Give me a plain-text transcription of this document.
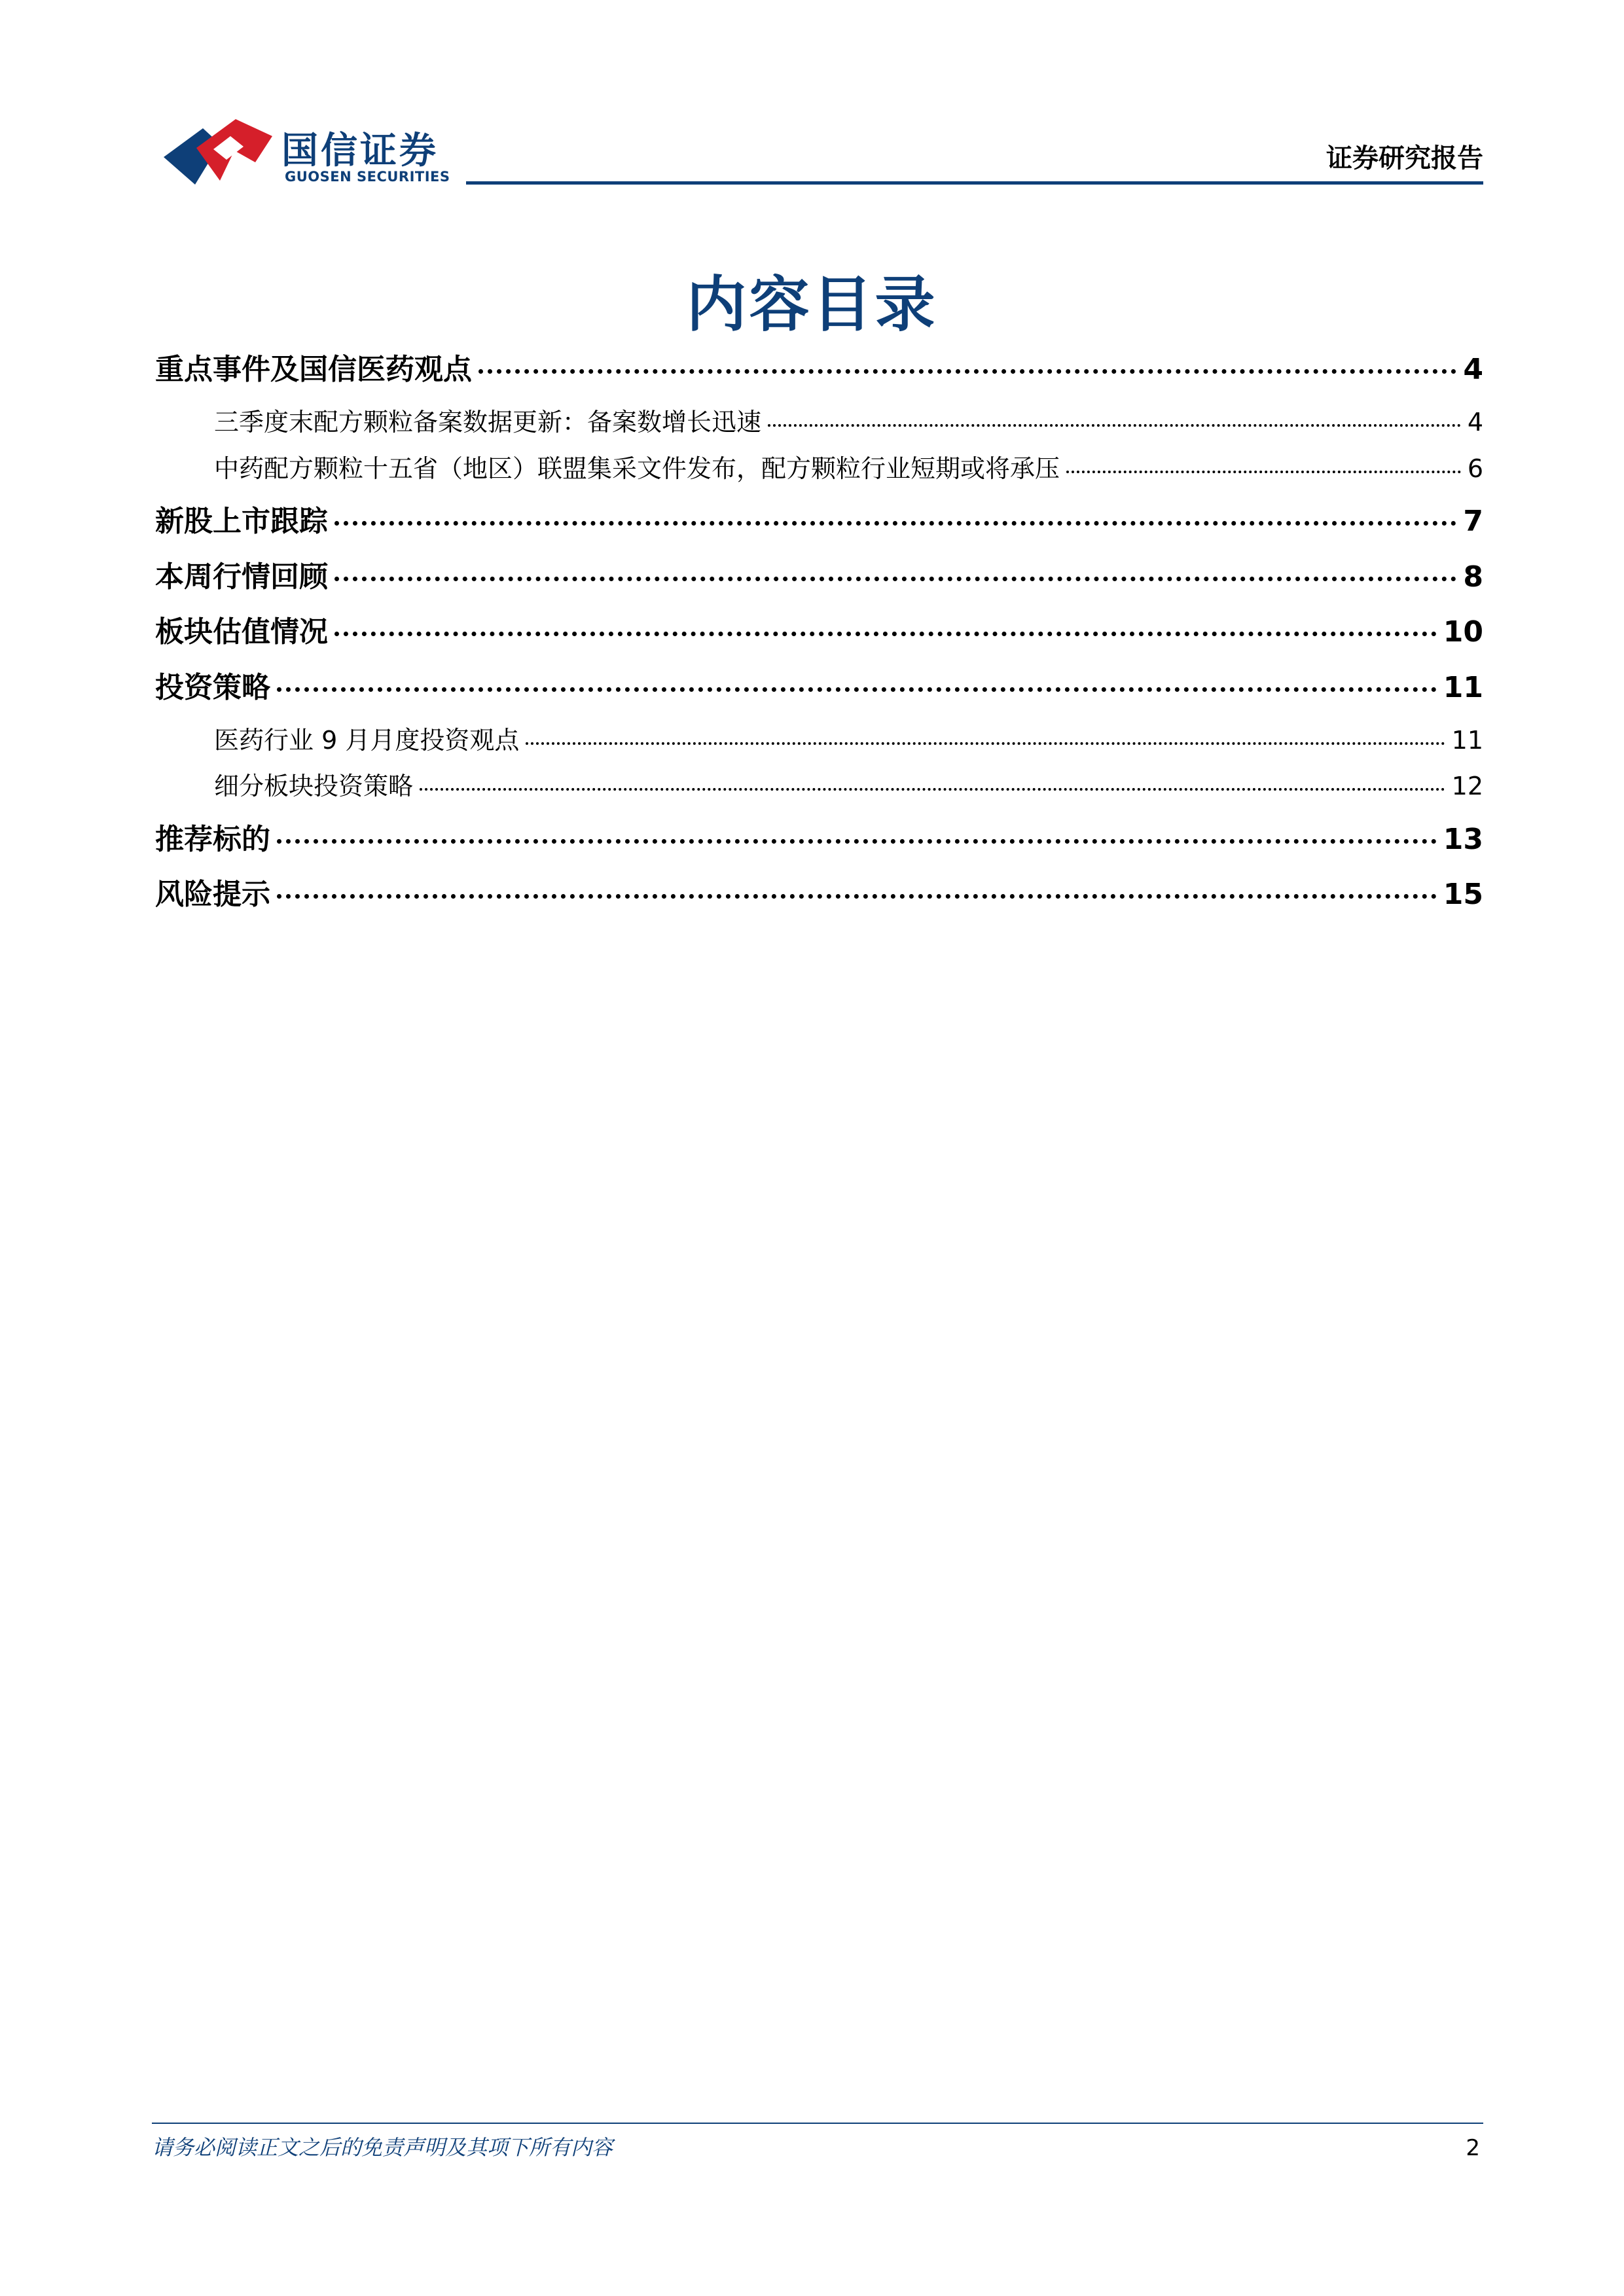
国信证券
GUOSEN SECURITIES
证券研究报告
内容目录
重点事件及国信医药观点	4
三季度末配方颗粒备案数据更新：备案数增长迅速	4
中药配方颗粒十五省（地区）联盟集采文件发布，配方颗粒行业短期或将承压	6
新股上市跟踪	7
本周行情回顾	8
板块估值情况	10
投资策略	11
医药行业 9 月月度投资观点	11
细分板块投资策略	12
推荐标的	13
风险提示	15
请务必阅读正文之后的免责声明及其项下所有内容	2
